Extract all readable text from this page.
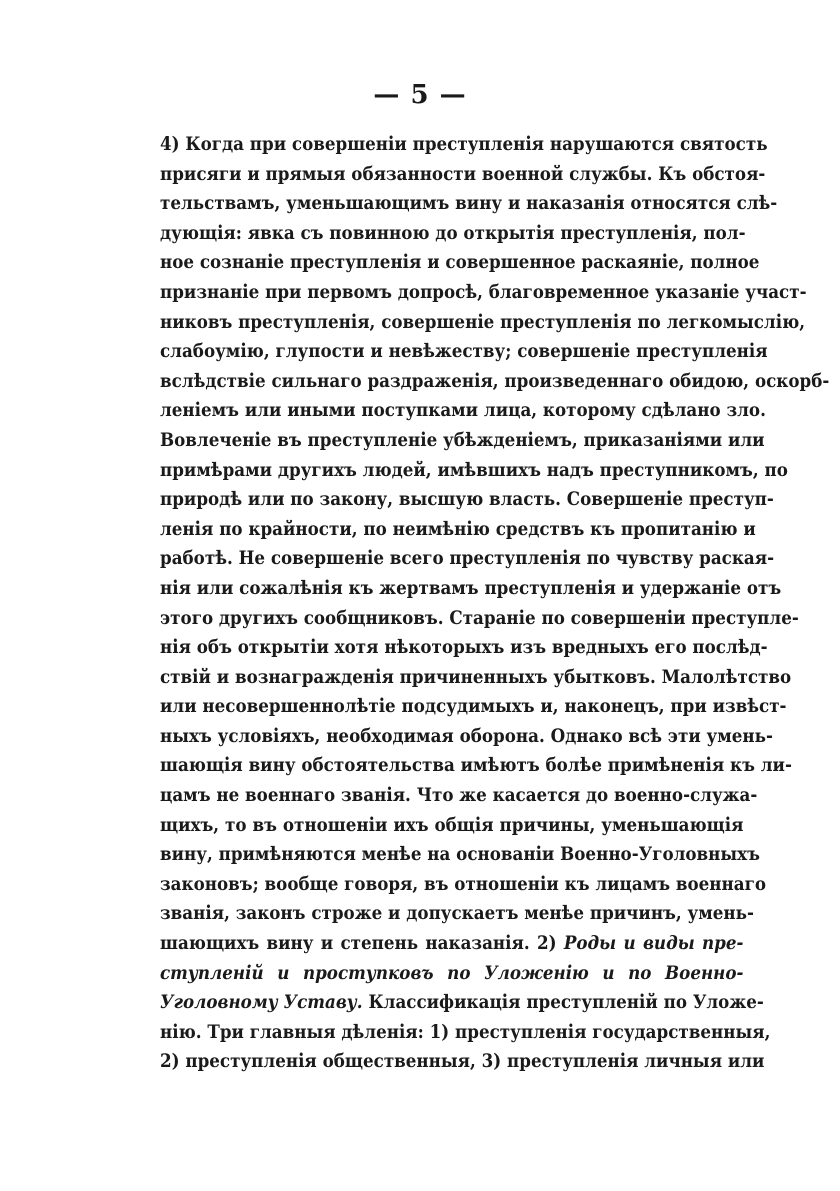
— 5 —
4) Когда при совершеніи преступленія нарушаются святость
присяги и прямыя обязанности военной службы. Къ обстоя-
тельствамъ, уменьшающимъ вину и наказанія относятся слѣ-
дующія: явка съ повинною до открытія преступленія, пол-
ное сознаніе преступленія и совершенное раскаяніе, полное
признаніе при первомъ допросѣ, благовременное указаніе участ-
никовъ преступленія, совершеніе преступленія по легкомыслію,
слабоумію, глупости и невѣжеству; совершеніе преступленія
вслѣдствіе сильнаго раздраженія, произведеннаго обидою, оскорб-
леніемъ или иными поступками лица, которому сдѣлано зло.
Вовлеченіе въ преступленіе убѣжденіемъ, приказаніями или
примѣрами другихъ людей, имѣвшихъ надъ преступникомъ, по
природѣ или по закону, высшую власть. Совершеніе преступ-
ленія по крайности, по неимѣнію средствъ къ пропитанію и
работѣ. Не совершеніе всего преступленія по чувству раская-
нія или сожалѣнія къ жертвамъ преступленія и удержаніе отъ
этого другихъ сообщниковъ. Стараніе по совершеніи преступле-
нія объ открытіи хотя нѣкоторыхъ изъ вредныхъ его послѣд-
ствій и вознагражденія причиненныхъ убытковъ. Малолѣтство
или несовершеннолѣтіе подсудимыхъ и, наконецъ, при извѣст-
ныхъ условіяхъ, необходимая оборона. Однако всѣ эти умень-
шающія вину обстоятельства имѣютъ болѣе примѣненія къ ли-
цамъ не военнаго званія. Что же касается до военно-служа-
щихъ, то въ отношеніи ихъ общія причины, уменьшающія
вину, примѣняются менѣе на основаніи Военно-Уголовныхъ
законовъ; вообще говоря, въ отношеніи къ лицамъ военнаго
званія, законъ строже и допускаетъ менѣе причинъ, умень-
шающихъ вину и степень наказанія. 2) Роды и виды пре-
ступленій и проступковъ по Уложенію и по Военно-
Уголовному Уставу. Классификація преступленій по Уложе-
нію. Три главныя дѣленія: 1) преступленія государственныя,
2) преступленія общественныя, 3) преступленія личныя или
